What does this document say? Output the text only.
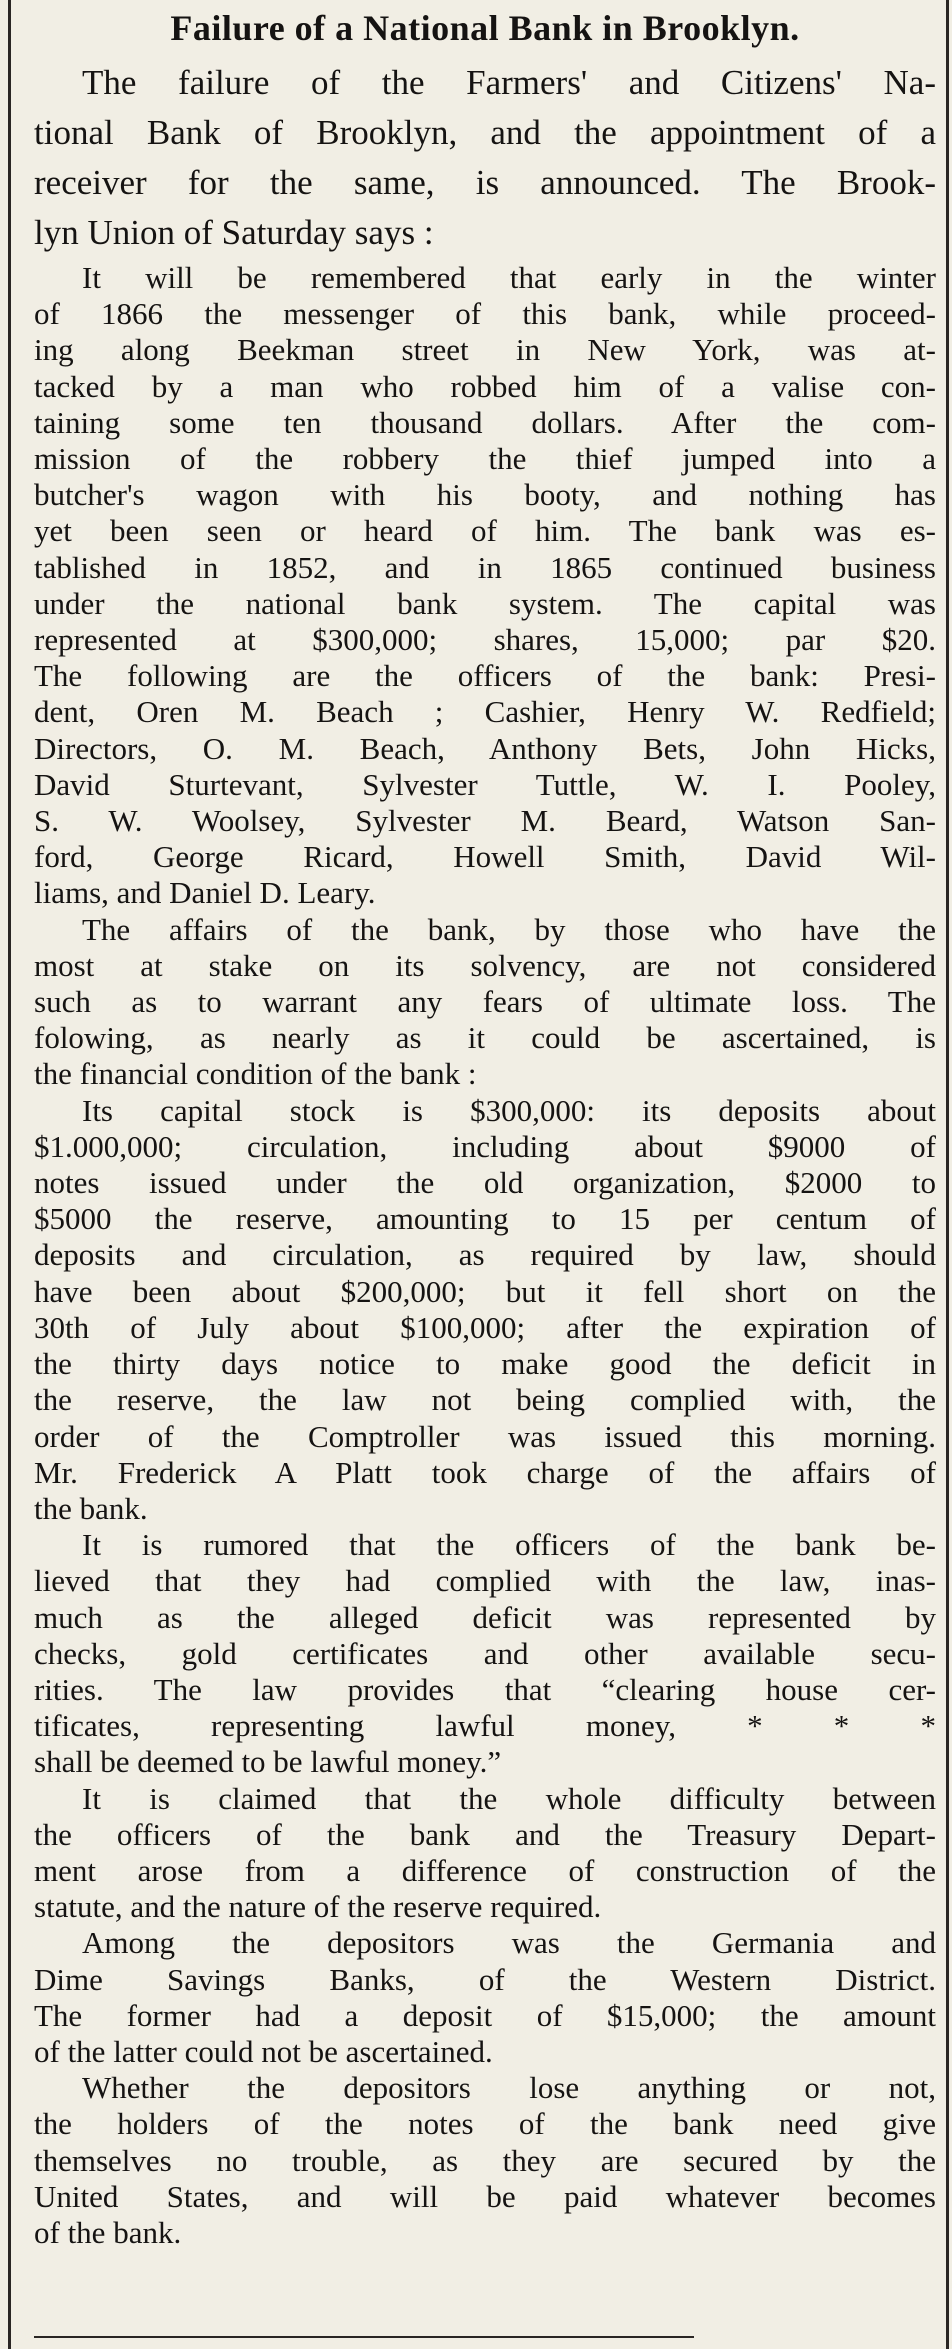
Failure of a National Bank in Brooklyn.
The failure of the Farmers' and Citizens' Na-
tional Bank of Brooklyn, and the appointment of a
receiver for the same, is announced. The Brook-
lyn Union of Saturday says :
It will be remembered that early in the winter
of 1866 the messenger of this bank, while proceed-
ing along Beekman street in New York, was at-
tacked by a man who robbed him of a valise con-
taining some ten thousand dollars. After the com-
mission of the robbery the thief jumped into a
butcher's wagon with his booty, and nothing has
yet been seen or heard of him. The bank was es-
tablished in 1852, and in 1865 continued business
under the national bank system. The capital was
represented at $300,000; shares, 15,000; par $20.
The following are the officers of the bank: Presi-
dent, Oren M. Beach ; Cashier, Henry W. Redfield;
Directors, O. M. Beach, Anthony Bets, John Hicks,
David Sturtevant, Sylvester Tuttle, W. I. Pooley,
S. W. Woolsey, Sylvester M. Beard, Watson San-
ford, George Ricard, Howell Smith, David Wil-
liams, and Daniel D. Leary.
The affairs of the bank, by those who have the
most at stake on its solvency, are not considered
such as to warrant any fears of ultimate loss. The
folowing, as nearly as it could be ascertained, is
the financial condition of the bank :
Its capital stock is $300,000: its deposits about
$1.000,000; circulation, including about $9000 of
notes issued under the old organization, $2000 to
$5000 the reserve, amounting to 15 per centum of
deposits and circulation, as required by law, should
have been about $200,000; but it fell short on the
30th of July about $100,000; after the expiration of
the thirty days notice to make good the deficit in
the reserve, the law not being complied with, the
order of the Comptroller was issued this morning.
Mr. Frederick A Platt took charge of the affairs of
the bank.
It is rumored that the officers of the bank be-
lieved that they had complied with the law, inas-
much as the alleged deficit was represented by
checks, gold certificates and other available secu-
rities. The law provides that “clearing house cer-
tificates, representing lawful money, * * *
shall be deemed to be lawful money.”
It is claimed that the whole difficulty between
the officers of the bank and the Treasury Depart-
ment arose from a difference of construction of the
statute, and the nature of the reserve required.
Among the depositors was the Germania and
Dime Savings Banks, of the Western District.
The former had a deposit of $15,000; the amount
of the latter could not be ascertained.
Whether the depositors lose anything or not,
the holders of the notes of the bank need give
themselves no trouble, as they are secured by the
United States, and will be paid whatever becomes
of the bank.
